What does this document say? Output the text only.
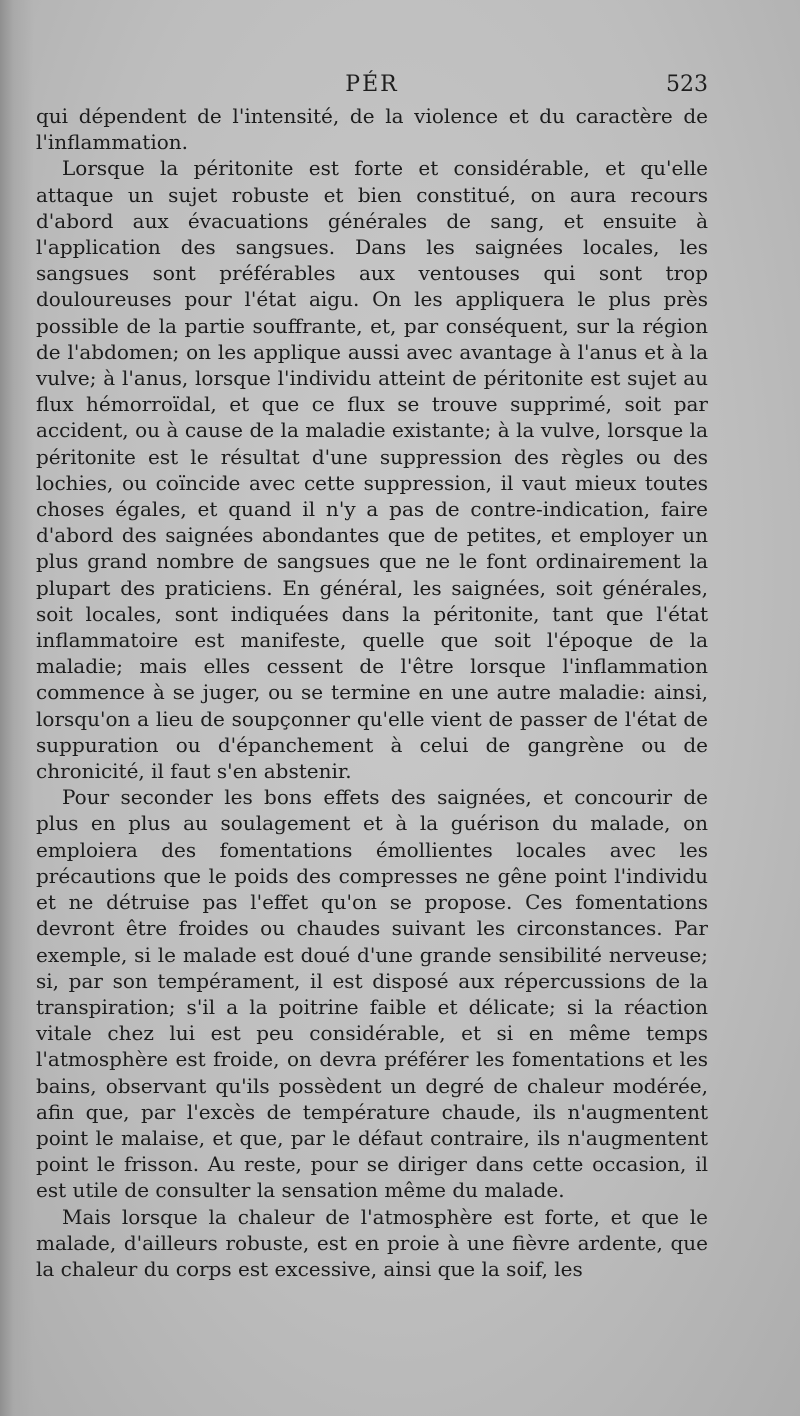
PÉR	523

qui dépendent de l'intensité, de la violence et du caractère de l'inflammation.

Lorsque la péritonite est forte et considérable, et qu'elle attaque un sujet robuste et bien constitué, on aura recours d'abord aux évacuations générales de sang, et ensuite à l'application des sangsues. Dans les saignées locales, les sangsues sont préférables aux ventouses qui sont trop douloureuses pour l'état aigu. On les appliquera le plus près possible de la partie souffrante, et, par conséquent, sur la région de l'abdomen; on les applique aussi avec avantage à l'anus et à la vulve; à l'anus, lorsque l'individu atteint de péritonite est sujet au flux hémorroïdal, et que ce flux se trouve supprimé, soit par accident, ou à cause de la maladie existante; à la vulve, lorsque la péritonite est le résultat d'une suppression des règles ou des lochies, ou coïncide avec cette suppression, il vaut mieux toutes choses égales, et quand il n'y a pas de contre-indication, faire d'abord des saignées abondantes que de petites, et employer un plus grand nombre de sangsues que ne le font ordinairement la plupart des praticiens. En général, les saignées, soit générales, soit locales, sont indiquées dans la péritonite, tant que l'état inflammatoire est manifeste, quelle que soit l'époque de la maladie; mais elles cessent de l'être lorsque l'inflammation commence à se juger, ou se termine en une autre maladie: ainsi, lorsqu'on a lieu de soupçonner qu'elle vient de passer de l'état de suppuration ou d'épanchement à celui de gangrène ou de chronicité, il faut s'en abstenir.

Pour seconder les bons effets des saignées, et concourir de plus en plus au soulagement et à la guérison du malade, on emploiera des fomentations émollientes locales avec les précautions que le poids des compresses ne gêne point l'individu et ne détruise pas l'effet qu'on se propose. Ces fomentations devront être froides ou chaudes suivant les circonstances. Par exemple, si le malade est doué d'une grande sensibilité nerveuse; si, par son tempérament, il est disposé aux répercussions de la transpiration; s'il a la poitrine faible et délicate; si la réaction vitale chez lui est peu considérable, et si en même temps l'atmosphère est froide, on devra préférer les fomentations et les bains, observant qu'ils possèdent un degré de chaleur modérée, afin que, par l'excès de température chaude, ils n'augmentent point le malaise, et que, par le défaut contraire, ils n'augmentent point le frisson. Au reste, pour se diriger dans cette occasion, il est utile de consulter la sensation même du malade.

Mais lorsque la chaleur de l'atmosphère est forte, et que le malade, d'ailleurs robuste, est en proie à une fièvre ardente, que la chaleur du corps est excessive, ainsi que la soif, les
